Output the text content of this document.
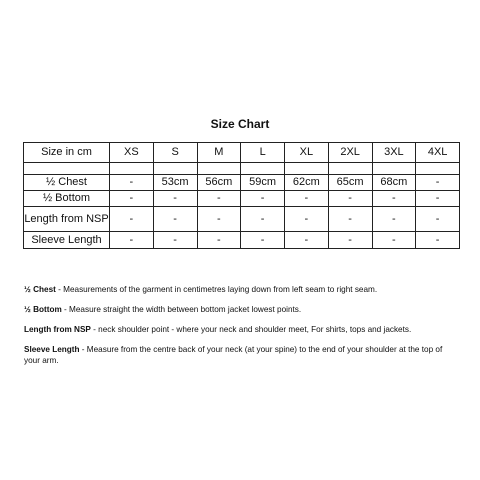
Size Chart
Size in cm	XS	S	M	L	XL	2XL	3XL	4XL

½ Chest	-	53cm	56cm	59cm	62cm	65cm	68cm	-
½ Bottom	-	-	-	-	-	-	-	-
Length from NSP	-	-	-	-	-	-	-	-
Sleeve Length	-	-	-	-	-	-	-	-

½ Chest - Measurements of the garment in centimetres laying down from left seam to right seam.

½ Bottom - Measure straight the width between bottom jacket lowest points.

Length from NSP - neck shoulder point - where your neck and shoulder meet, For shirts, tops and jackets.

Sleeve Length - Measure from the centre back of your neck (at your spine) to the end of your shoulder at the top of your arm.
